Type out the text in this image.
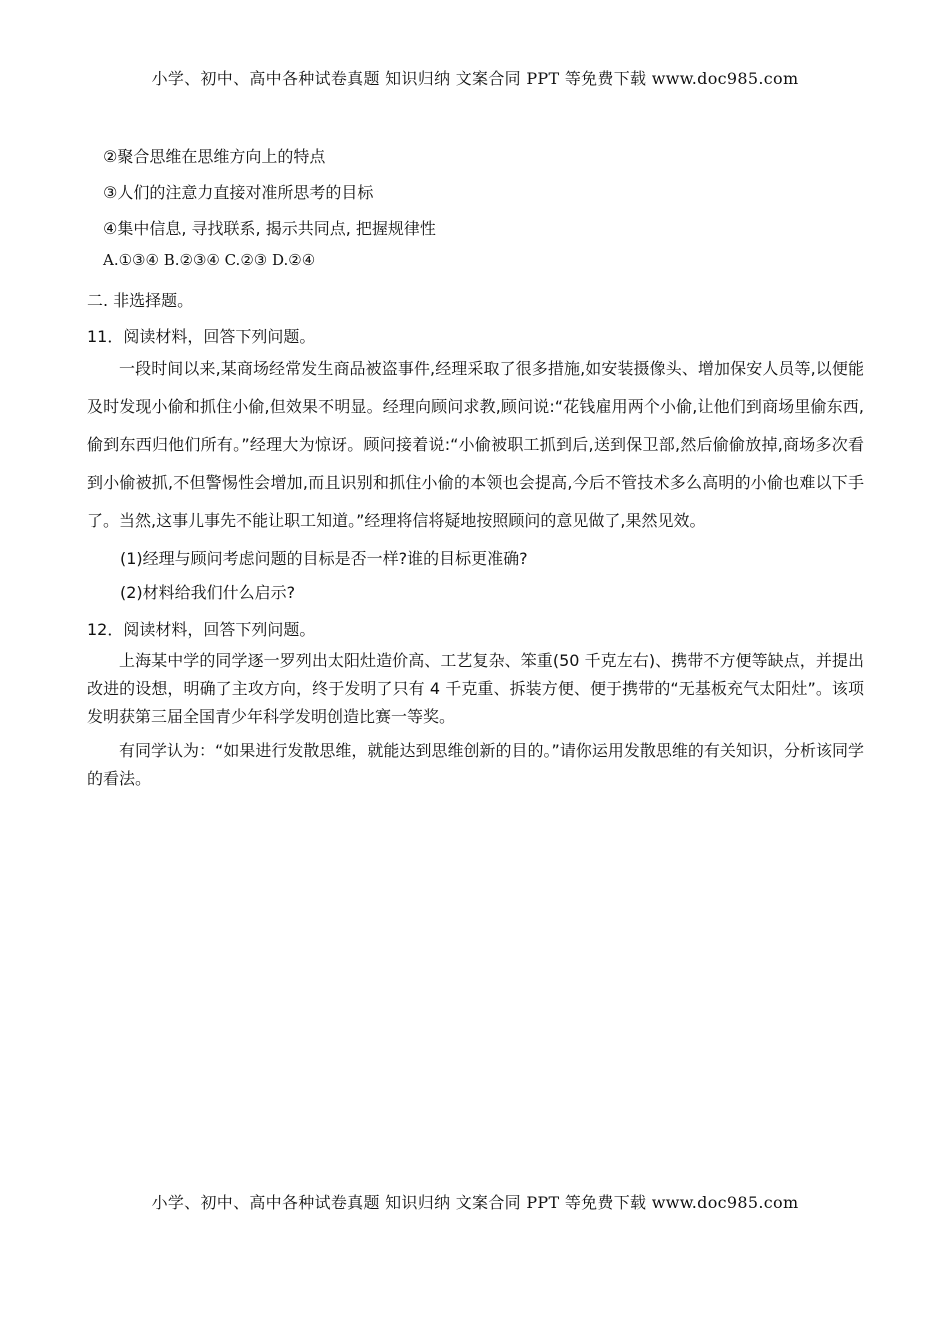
小学、初中、高中各种试卷真题 知识归纳 文案合同 PPT 等免费下载 www.doc985.com
②聚合思维在思维方向上的特点
③人们的注意力直接对准所思考的目标
④集中信息, 寻找联系, 揭示共同点, 把握规律性
A.①③④ B.②③④ C.②③ D.②④
二. 非选择题。
11．阅读材料，回答下列问题。
一段时间以来,某商场经常发生商品被盗事件,经理采取了很多措施,如安装摄像头、增加保安人员等,以便能及时发现小偷和抓住小偷,但效果不明显。经理向顾问求教,顾问说:“花钱雇用两个小偷,让他们到商场里偷东西,偷到东西归他们所有。”经理大为惊讶。顾问接着说:“小偷被职工抓到后,送到保卫部,然后偷偷放掉,商场多次看到小偷被抓,不但警惕性会增加,而且识别和抓住小偷的本领也会提高,今后不管技术多么高明的小偷也难以下手了。当然,这事儿事先不能让职工知道。”经理将信将疑地按照顾问的意见做了,果然见效。
(1)经理与顾问考虑问题的目标是否一样?谁的目标更准确?
(2)材料给我们什么启示?
12．阅读材料，回答下列问题。
上海某中学的同学逐一罗列出太阳灶造价高、工艺复杂、笨重(50 千克左右)、携带不方便等缺点，并提出改进的设想，明确了主攻方向，终于发明了只有 4 千克重、拆装方便、便于携带的“无基板充气太阳灶”。该项发明获第三届全国青少年科学发明创造比赛一等奖。
有同学认为：“如果进行发散思维，就能达到思维创新的目的。”请你运用发散思维的有关知识，分析该同学的看法。
小学、初中、高中各种试卷真题 知识归纳 文案合同 PPT 等免费下载 www.doc985.com
